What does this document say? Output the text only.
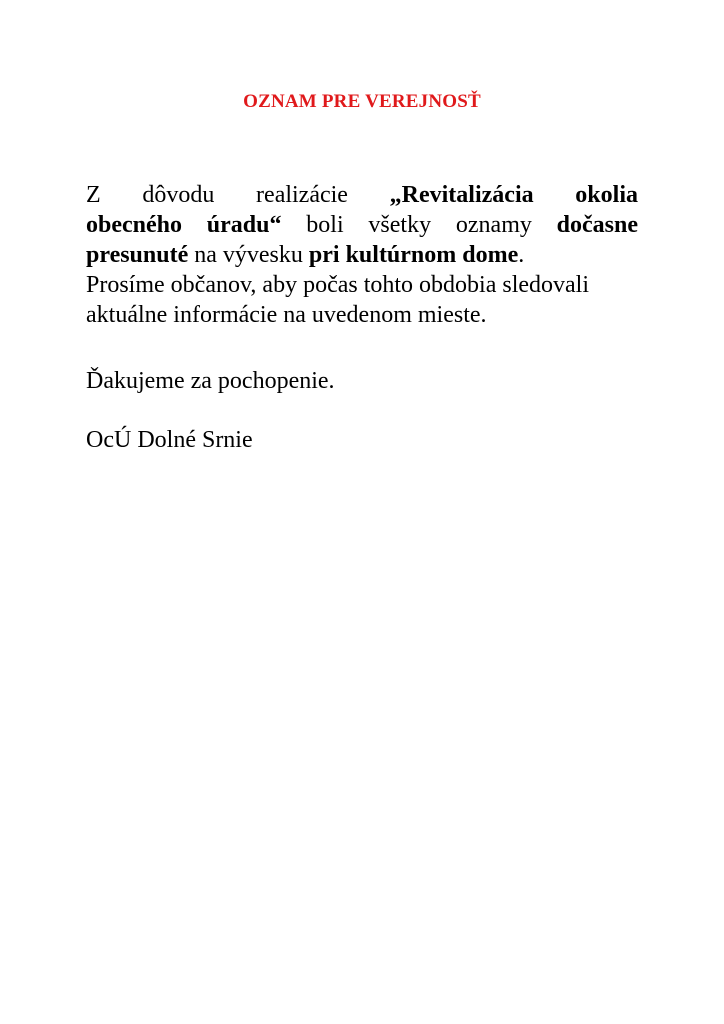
OZNAM PRE VEREJNOSŤ
Z dôvodu realizácie „Revitalizácia okolia
obecného úradu“ boli všetky oznamy dočasne
presunuté na vývesku pri kultúrnom dome.
Prosíme občanov, aby počas tohto obdobia sledovali
aktuálne informácie na uvedenom mieste.
Ďakujeme za pochopenie.
OcÚ Dolné Srnie
